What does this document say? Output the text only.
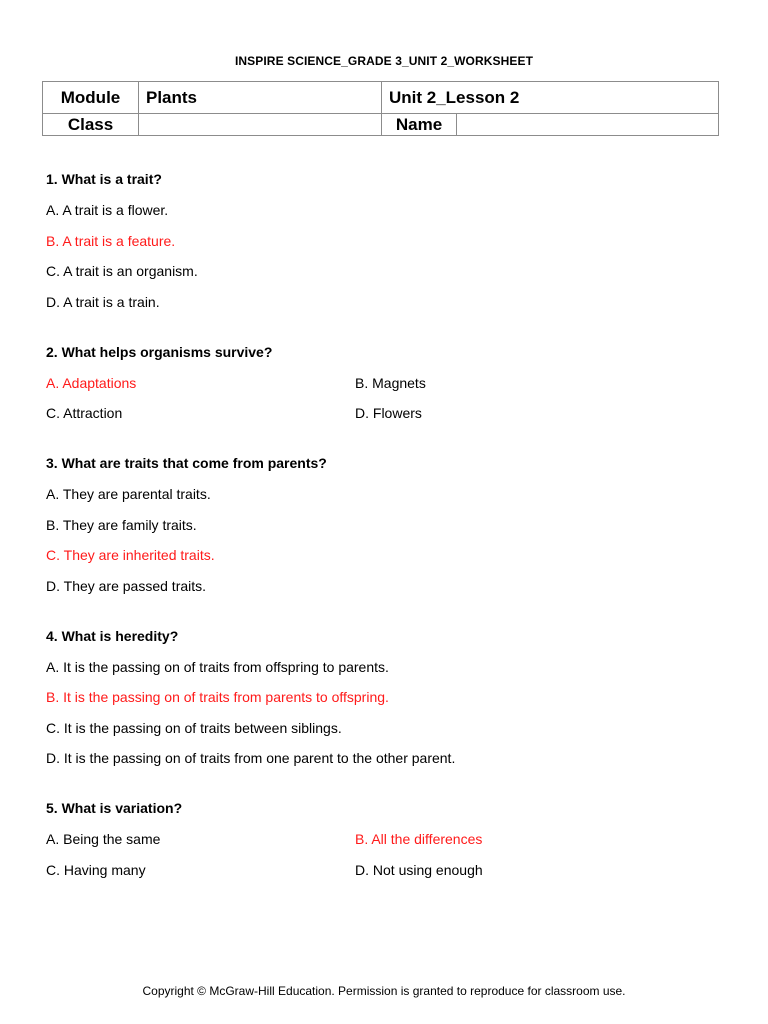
INSPIRE SCIENCE_GRADE 3_UNIT 2_WORKSHEET
Module	Plants	Unit 2_Lesson 2	
Class		Name	
1. What is a trait?
A. A trait is a flower.
B. A trait is a feature.
C. A trait is an organism.
D. A trait is a train.
2. What helps organisms survive?
A. Adaptations	B. Magnets
C. Attraction	D. Flowers
3. What are traits that come from parents?
A. They are parental traits.
B. They are family traits.
C. They are inherited traits.
D. They are passed traits.
4. What is heredity?
A. It is the passing on of traits from offspring to parents.
B. It is the passing on of traits from parents to offspring.
C. It is the passing on of traits between siblings.
D. It is the passing on of traits from one parent to the other parent.
5. What is variation?
A. Being the same	B. All the differences
C. Having many	D. Not using enough
Copyright © McGraw-Hill Education. Permission is granted to reproduce for classroom use.
